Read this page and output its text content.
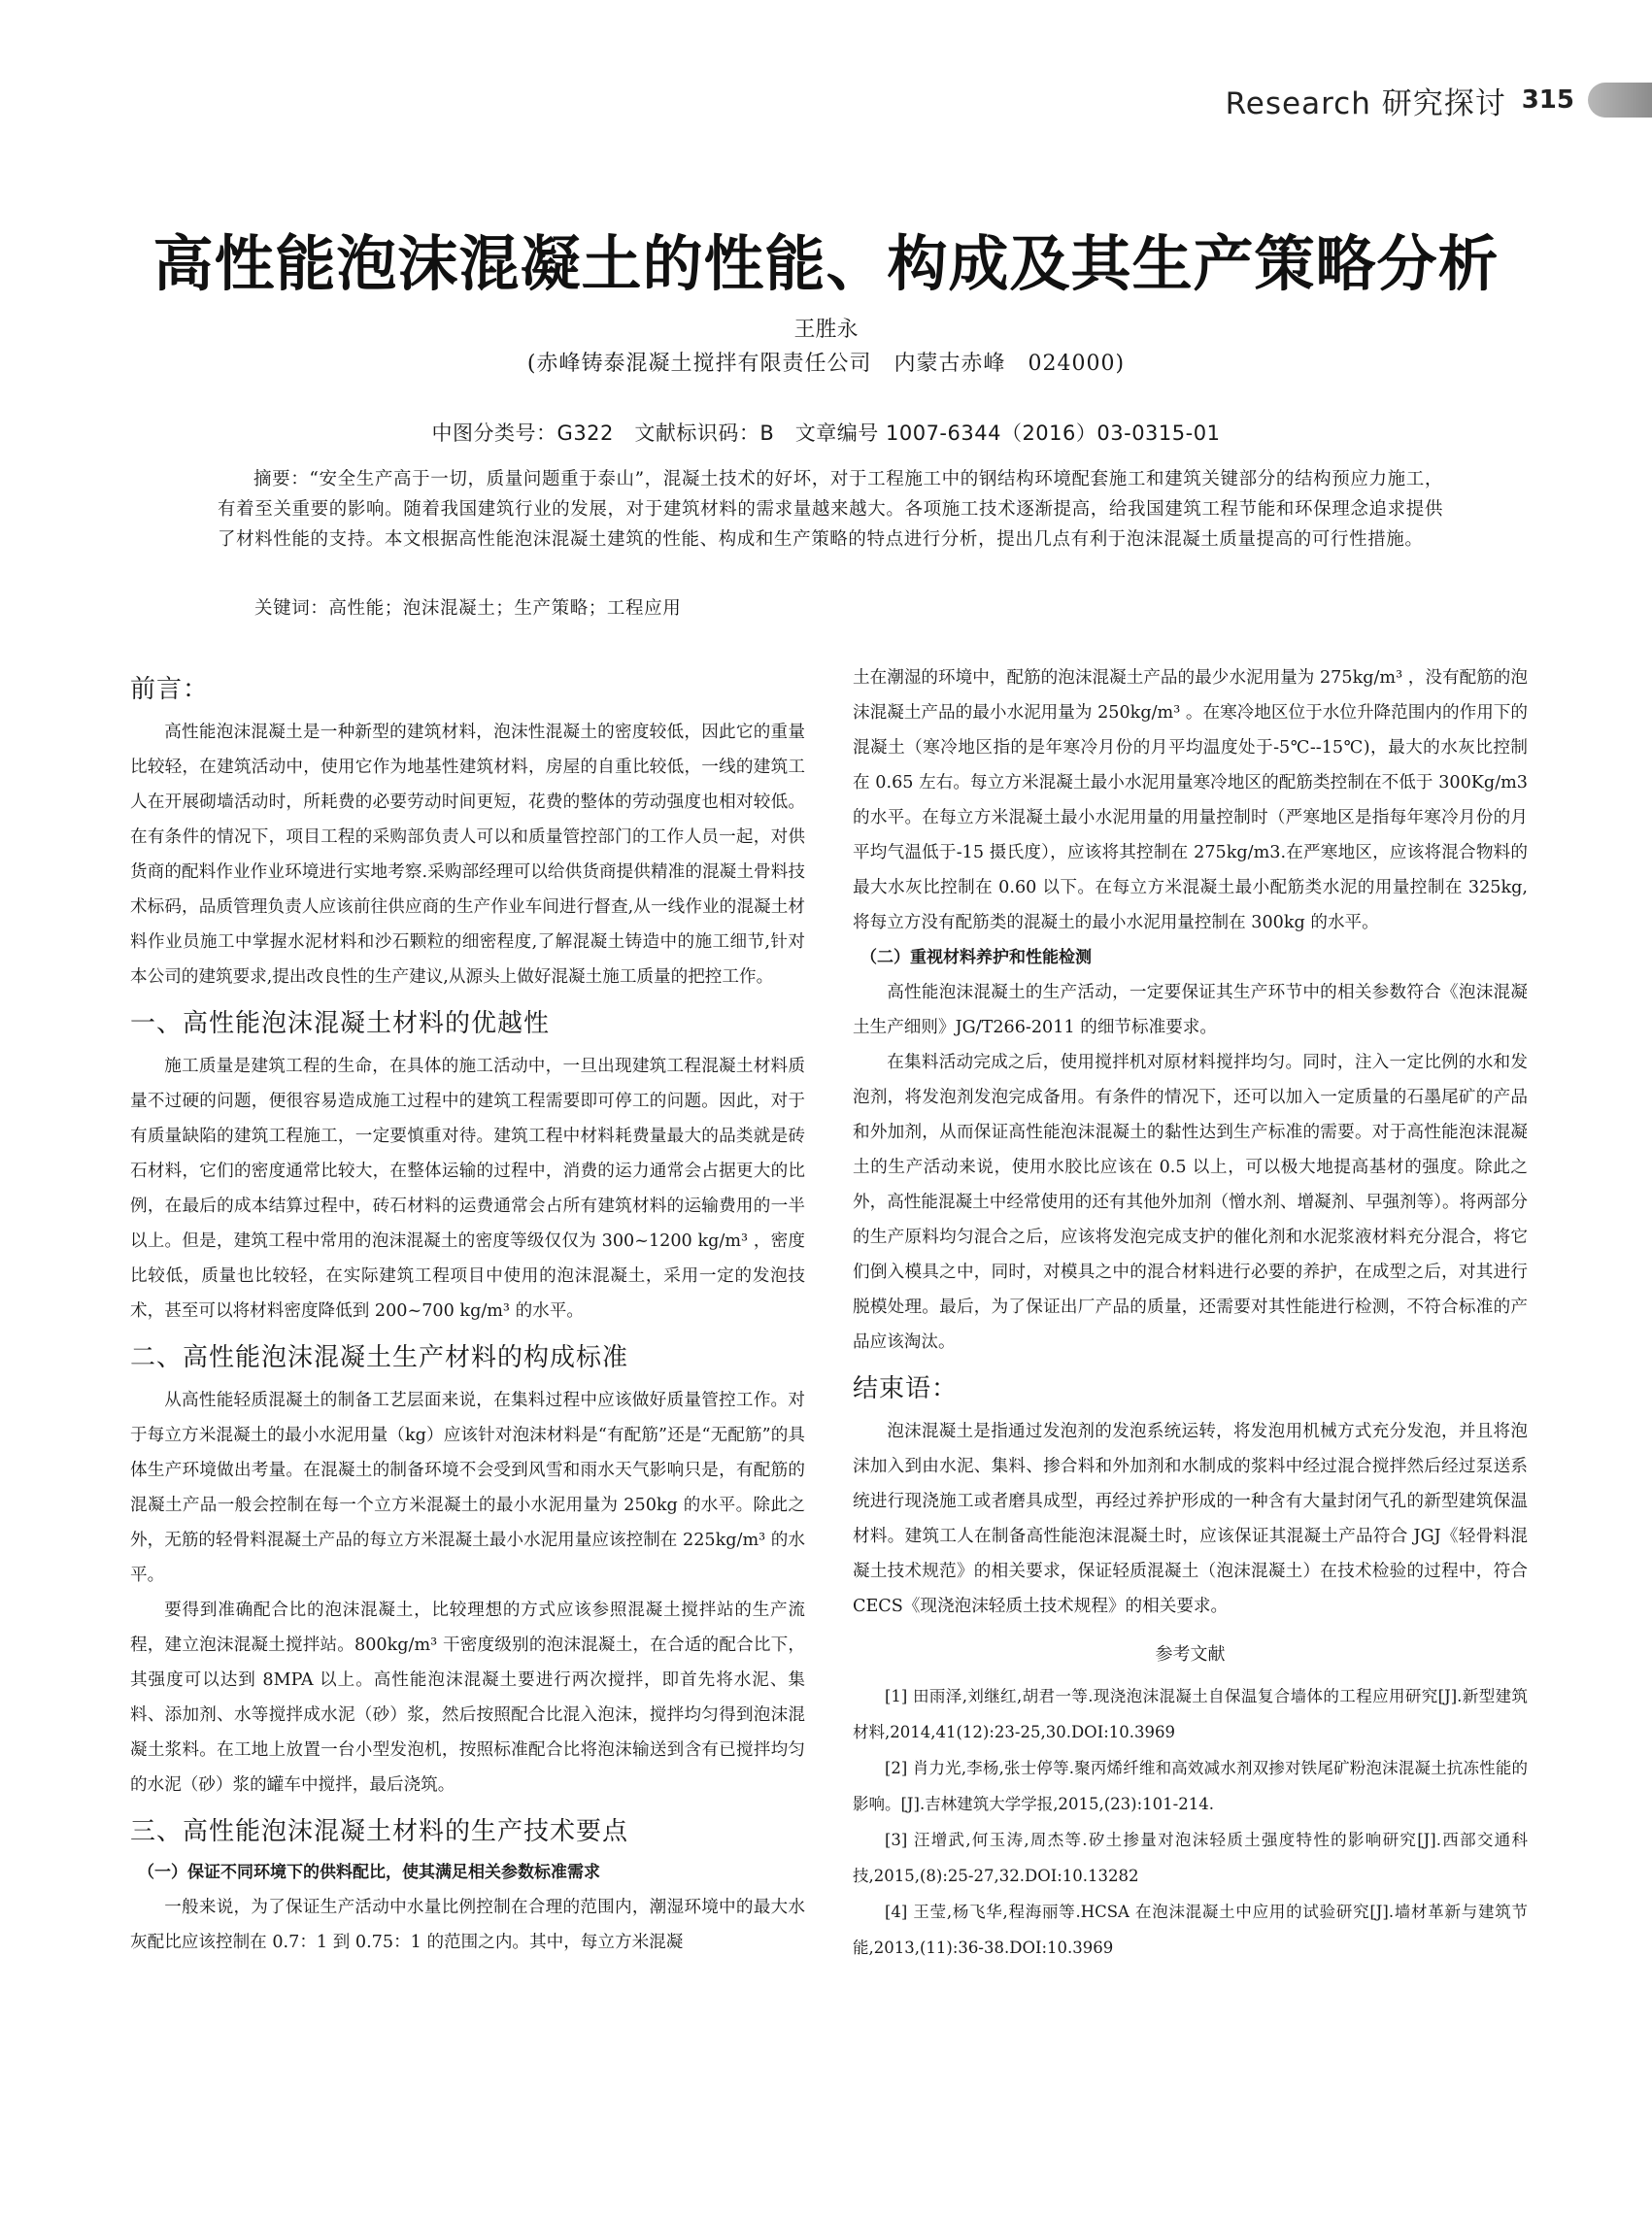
Research 研究探讨 315
高性能泡沫混凝土的性能、构成及其生产策略分析
王胜永
(赤峰铸泰混凝土搅拌有限责任公司　内蒙古赤峰　024000)
中图分类号：G322　文献标识码：B　文章编号 1007-6344（2016）03-0315-01
摘要：“安全生产高于一切，质量问题重于泰山”，混凝土技术的好坏，对于工程施工中的钢结构环境配套施工和建筑关键部分的结构预应力施工，有着至关重要的影响。随着我国建筑行业的发展，对于建筑材料的需求量越来越大。各项施工技术逐渐提高，给我国建筑工程节能和环保理念追求提供了材料性能的支持。本文根据高性能泡沫混凝土建筑的性能、构成和生产策略的特点进行分析，提出几点有利于泡沫混凝土质量提高的可行性措施。
关键词：高性能；泡沫混凝土；生产策略；工程应用
前言：

高性能泡沫混凝土是一种新型的建筑材料，泡沫性混凝土的密度较低，因此它的重量比较轻，在建筑活动中，使用它作为地基性建筑材料，房屋的自重比较低，一线的建筑工人在开展砌墙活动时，所耗费的必要劳动时间更短，花费的整体的劳动强度也相对较低。在有条件的情况下，项目工程的采购部负责人可以和质量管控部门的工作人员一起，对供货商的配料作业作业环境进行实地考察.采购部经理可以给供货商提供精准的混凝土骨料技术标码，品质管理负责人应该前往供应商的生产作业车间进行督查,从一线作业的混凝土材料作业员施工中掌握水泥材料和沙石颗粒的细密程度,了解混凝土铸造中的施工细节,针对本公司的建筑要求,提出改良性的生产建议,从源头上做好混凝土施工质量的把控工作。

一、高性能泡沫混凝土材料的优越性

施工质量是建筑工程的生命，在具体的施工活动中，一旦出现建筑工程混凝土材料质量不过硬的问题，便很容易造成施工过程中的建筑工程需要即可停工的问题。因此，对于有质量缺陷的建筑工程施工，一定要慎重对待。建筑工程中材料耗费量最大的品类就是砖石材料，它们的密度通常比较大，在整体运输的过程中，消费的运力通常会占据更大的比例，在最后的成本结算过程中，砖石材料的运费通常会占所有建筑材料的运输费用的一半以上。但是，建筑工程中常用的泡沫混凝土的密度等级仅仅为 300~1200 kg/m³ ，密度比较低，质量也比较轻，在实际建筑工程项目中使用的泡沫混凝土，采用一定的发泡技术，甚至可以将材料密度降低到 200~700 kg/m³ 的水平。

二、高性能泡沫混凝土生产材料的构成标准

从高性能轻质混凝土的制备工艺层面来说，在集料过程中应该做好质量管控工作。对于每立方米混凝土的最小水泥用量（kg）应该针对泡沫材料是“有配筋”还是“无配筋”的具体生产环境做出考量。在混凝土的制备环境不会受到风雪和雨水天气影响只是，有配筋的混凝土产品一般会控制在每一个立方米混凝土的最小水泥用量为 250kg 的水平。除此之外，无筋的轻骨料混凝土产品的每立方米混凝土最小水泥用量应该控制在 225kg/m³ 的水平。

要得到准确配合比的泡沫混凝土，比较理想的方式应该参照混凝土搅拌站的生产流程，建立泡沫混凝土搅拌站。800kg/m³ 干密度级别的泡沫混凝土，在合适的配合比下，其强度可以达到 8MPA 以上。高性能泡沫混凝土要进行两次搅拌，即首先将水泥、集料、添加剂、水等搅拌成水泥（砂）浆，然后按照配合比混入泡沫，搅拌均匀得到泡沫混凝土浆料。在工地上放置一台小型发泡机，按照标准配合比将泡沫输送到含有已搅拌均匀的水泥（砂）浆的罐车中搅拌，最后浇筑。

三、高性能泡沫混凝土材料的生产技术要点
（一）保证不同环境下的供料配比，使其满足相关参数标准需求

一般来说，为了保证生产活动中水量比例控制在合理的范围内，潮湿环境中的最大水灰配比应该控制在 0.7：1 到 0.75：1 的范围之内。其中，每立方米混凝

土在潮湿的环境中，配筋的泡沫混凝土产品的最少水泥用量为 275kg/m³ ，没有配筋的泡沫混凝土产品的最小水泥用量为 250kg/m³ 。在寒冷地区位于水位升降范围内的作用下的混凝土（寒冷地区指的是年寒冷月份的月平均温度处于-5℃--15℃)，最大的水灰比控制在 0.65 左右。每立方米混凝土最小水泥用量寒冷地区的配筋类控制在不低于 300Kg/m3 的水平。在每立方米混凝土最小水泥用量的用量控制时（严寒地区是指每年寒冷月份的月平均气温低于-15 摄氏度），应该将其控制在 275kg/m3.在严寒地区，应该将混合物料的最大水灰比控制在 0.60 以下。在每立方米混凝土最小配筋类水泥的用量控制在 325kg, 将每立方没有配筋类的混凝土的最小水泥用量控制在 300kg 的水平。

（二）重视材料养护和性能检测

高性能泡沫混凝土的生产活动，一定要保证其生产环节中的相关参数符合《泡沫混凝土生产细则》JG/T266-2011 的细节标准要求。

在集料活动完成之后，使用搅拌机对原材料搅拌均匀。同时，注入一定比例的水和发泡剂，将发泡剂发泡完成备用。有条件的情况下，还可以加入一定质量的石墨尾矿的产品和外加剂，从而保证高性能泡沫混凝土的黏性达到生产标准的需要。对于高性能泡沫混凝土的生产活动来说，使用水胶比应该在 0.5 以上，可以极大地提高基材的强度。除此之外，高性能混凝土中经常使用的还有其他外加剂（憎水剂、增凝剂、早强剂等）。将两部分的生产原料均匀混合之后，应该将发泡完成支护的催化剂和水泥浆液材料充分混合，将它们倒入模具之中，同时，对模具之中的混合材料进行必要的养护，在成型之后，对其进行脱模处理。最后，为了保证出厂产品的质量，还需要对其性能进行检测，不符合标准的产品应该淘汰。

结束语：

泡沫混凝土是指通过发泡剂的发泡系统运转，将发泡用机械方式充分发泡，并且将泡沫加入到由水泥、集料、掺合料和外加剂和水制成的浆料中经过混合搅拌然后经过泵送系统进行现浇施工或者磨具成型，再经过养护形成的一种含有大量封闭气孔的新型建筑保温材料。建筑工人在制备高性能泡沫混凝土时，应该保证其混凝土产品符合 JGJ《轻骨料混凝土技术规范》的相关要求，保证轻质混凝土（泡沫混凝土）在技术检验的过程中，符合 CECS《现浇泡沫轻质土技术规程》的相关要求。

参考文献

[1] 田雨泽,刘继红,胡君一等.现浇泡沫混凝土自保温复合墙体的工程应用研究[J].新型建筑材料,2014,41(12):23-25,30.DOI:10.3969

[2] 肖力光,李杨,张士停等.聚丙烯纤维和高效减水剂双掺对铁尾矿粉泡沫混凝土抗冻性能的影响。[J].吉林建筑大学学报,2015,(23):101-214.

[3] 汪增武,何玉涛,周杰等.矽土掺量对泡沫轻质土强度特性的影响研究[J].西部交通科技,2015,(8):25-27,32.DOI:10.13282

[4] 王莹,杨飞华,程海丽等.HCSA 在泡沫混凝土中应用的试验研究[J].墙材革新与建筑节能,2013,(11):36-38.DOI:10.3969
